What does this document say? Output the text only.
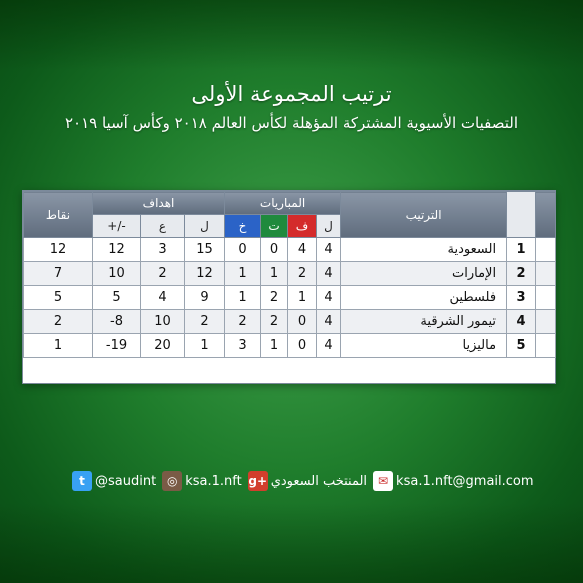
ترتيب المجموعة الأولى
التصفيات الأسيوية المشتركة المؤهلة لكأس العالم ٢٠١٨ وكأس آسيا ٢٠١٩
نقاط	اهداف			المباريات				الترتيب		
	+/-	ع	ل	خ	ت	ف	ل			
12	12	3	15	0	0	4	4	السعودية	1	
7	10	2	12	1	1	2	4	الإمارات	2	
5	5	4	9	1	2	1	4	فلسطين	3	
2	-8	10	2	2	2	0	4	تيمور الشرقية	4	
1	-19	20	1	3	1	0	4	ماليزيا	5	
t @saudint ◎ ksa.1.nft g+ المنتخب السعودي ✉ ksa.1.nft@gmail.com
